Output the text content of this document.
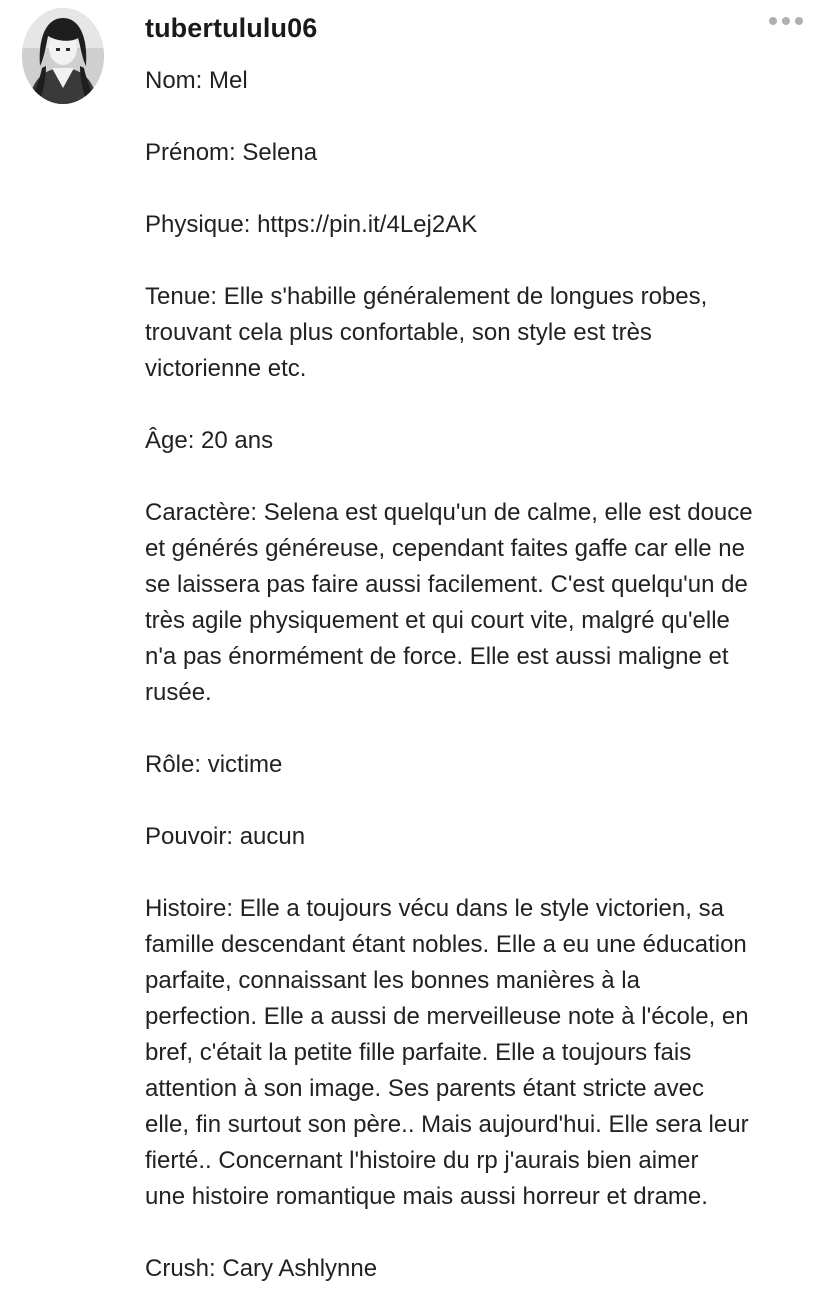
tubertululu06
Nom: Mel
Prénom: Selena
Physique: https://pin.it/4Lej2AK
Tenue: Elle s'habille généralement de longues robes,
trouvant cela plus confortable, son style est très
victorienne etc.
Âge: 20 ans
Caractère: Selena est quelqu'un de calme, elle est douce
et générés généreuse, cependant faites gaffe car elle ne
se laissera pas faire aussi facilement. C'est quelqu'un de
très agile physiquement et qui court vite, malgré qu'elle
n'a pas énormément de force. Elle est aussi maligne et
rusée.
Rôle: victime
Pouvoir: aucun
Histoire: Elle a toujours vécu dans le style victorien, sa
famille descendant étant nobles. Elle a eu une éducation
parfaite, connaissant les bonnes manières à la
perfection. Elle a aussi de merveilleuse note à l'école, en
bref, c'était la petite fille parfaite. Elle a toujours fais
attention à son image. Ses parents étant stricte avec
elle, fin surtout son père.. Mais aujourd'hui. Elle sera leur
fierté.. Concernant l'histoire du rp j'aurais bien aimer
une histoire romantique mais aussi horreur et drame.
Crush: Cary Ashlynne
